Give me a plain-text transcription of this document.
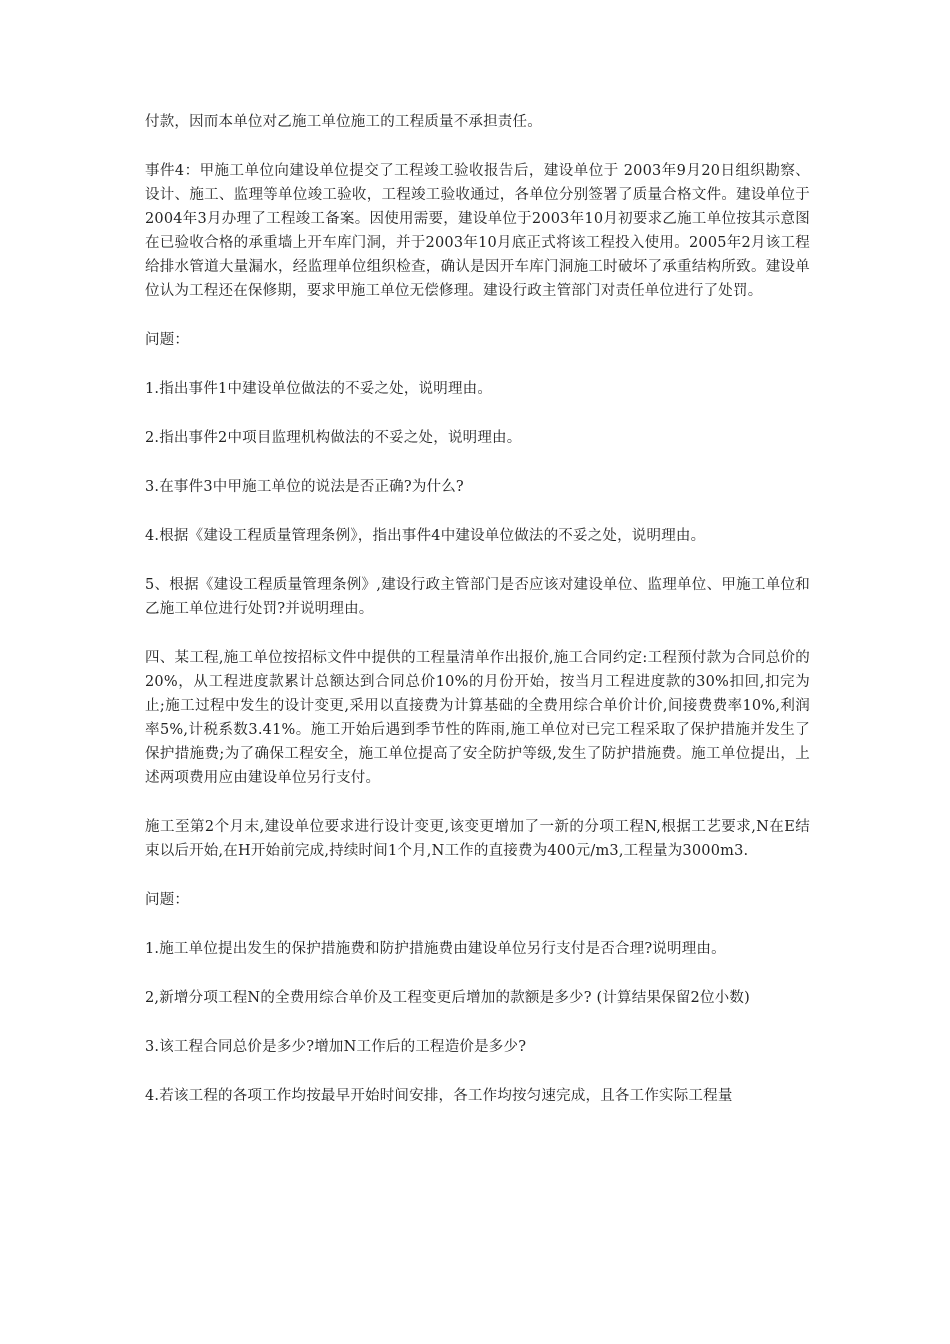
付款，因而本单位对乙施工单位施工的工程质量不承担责任。

事件4：甲施工单位向建设单位提交了工程竣工验收报告后，建设单位于 2003年9月20日组织勘察、设计、施工、监理等单位竣工验收，工程竣工验收通过，各单位分别签署了质量合格文件。建设单位于2004年3月办理了工程竣工备案。因使用需要，建设单位于2003年10月初要求乙施工单位按其示意图在已验收合格的承重墙上开车库门洞，并于2003年10月底正式将该工程投入使用。2005年2月该工程给排水管道大量漏水，经监理单位组织检查，确认是因开车库门洞施工时破坏了承重结构所致。建设单位认为工程还在保修期，要求甲施工单位无偿修理。建设行政主管部门对责任单位进行了处罚。

问题：

1.指出事件1中建设单位做法的不妥之处，说明理由。

2.指出事件2中项目监理机构做法的不妥之处，说明理由。

3.在事件3中甲施工单位的说法是否正确?为什么?

4.根据《建设工程质量管理条例》，指出事件4中建设单位做法的不妥之处，说明理由。

5、根据《建设工程质量管理条例》,建设行政主管部门是否应该对建设单位、监理单位、甲施工单位和乙施工单位进行处罚?并说明理由。

四、某工程,施工单位按招标文件中提供的工程量清单作出报价,施工合同约定:工程预付款为合同总价的20%，从工程进度款累计总额达到合同总价10%的月份开始，按当月工程进度款的30%扣回,扣完为止;施工过程中发生的设计变更,采用以直接费为计算基础的全费用综合单价计价,间接费费率10%,利润率5%,计税系数3.41%。施工开始后遇到季节性的阵雨,施工单位对已完工程采取了保护措施并发生了保护措施费;为了确保工程安全，施工单位提高了安全防护等级,发生了防护措施费。施工单位提出，上述两项费用应由建设单位另行支付。

施工至第2个月末,建设单位要求进行设计变更,该变更增加了一新的分项工程N,根据工艺要求,N在E结束以后开始,在H开始前完成,持续时间1个月,N工作的直接费为400元/m3,工程量为3000m3.

问题：

1.施工单位提出发生的保护措施费和防护措施费由建设单位另行支付是否合理?说明理由。

2,新增分项工程N的全费用综合单价及工程变更后增加的款额是多少? (计算结果保留2位小数)

3.该工程合同总价是多少?增加N工作后的工程造价是多少?

4.若该工程的各项工作均按最早开始时间安排，各工作均按匀速完成，且各工作实际工程量
